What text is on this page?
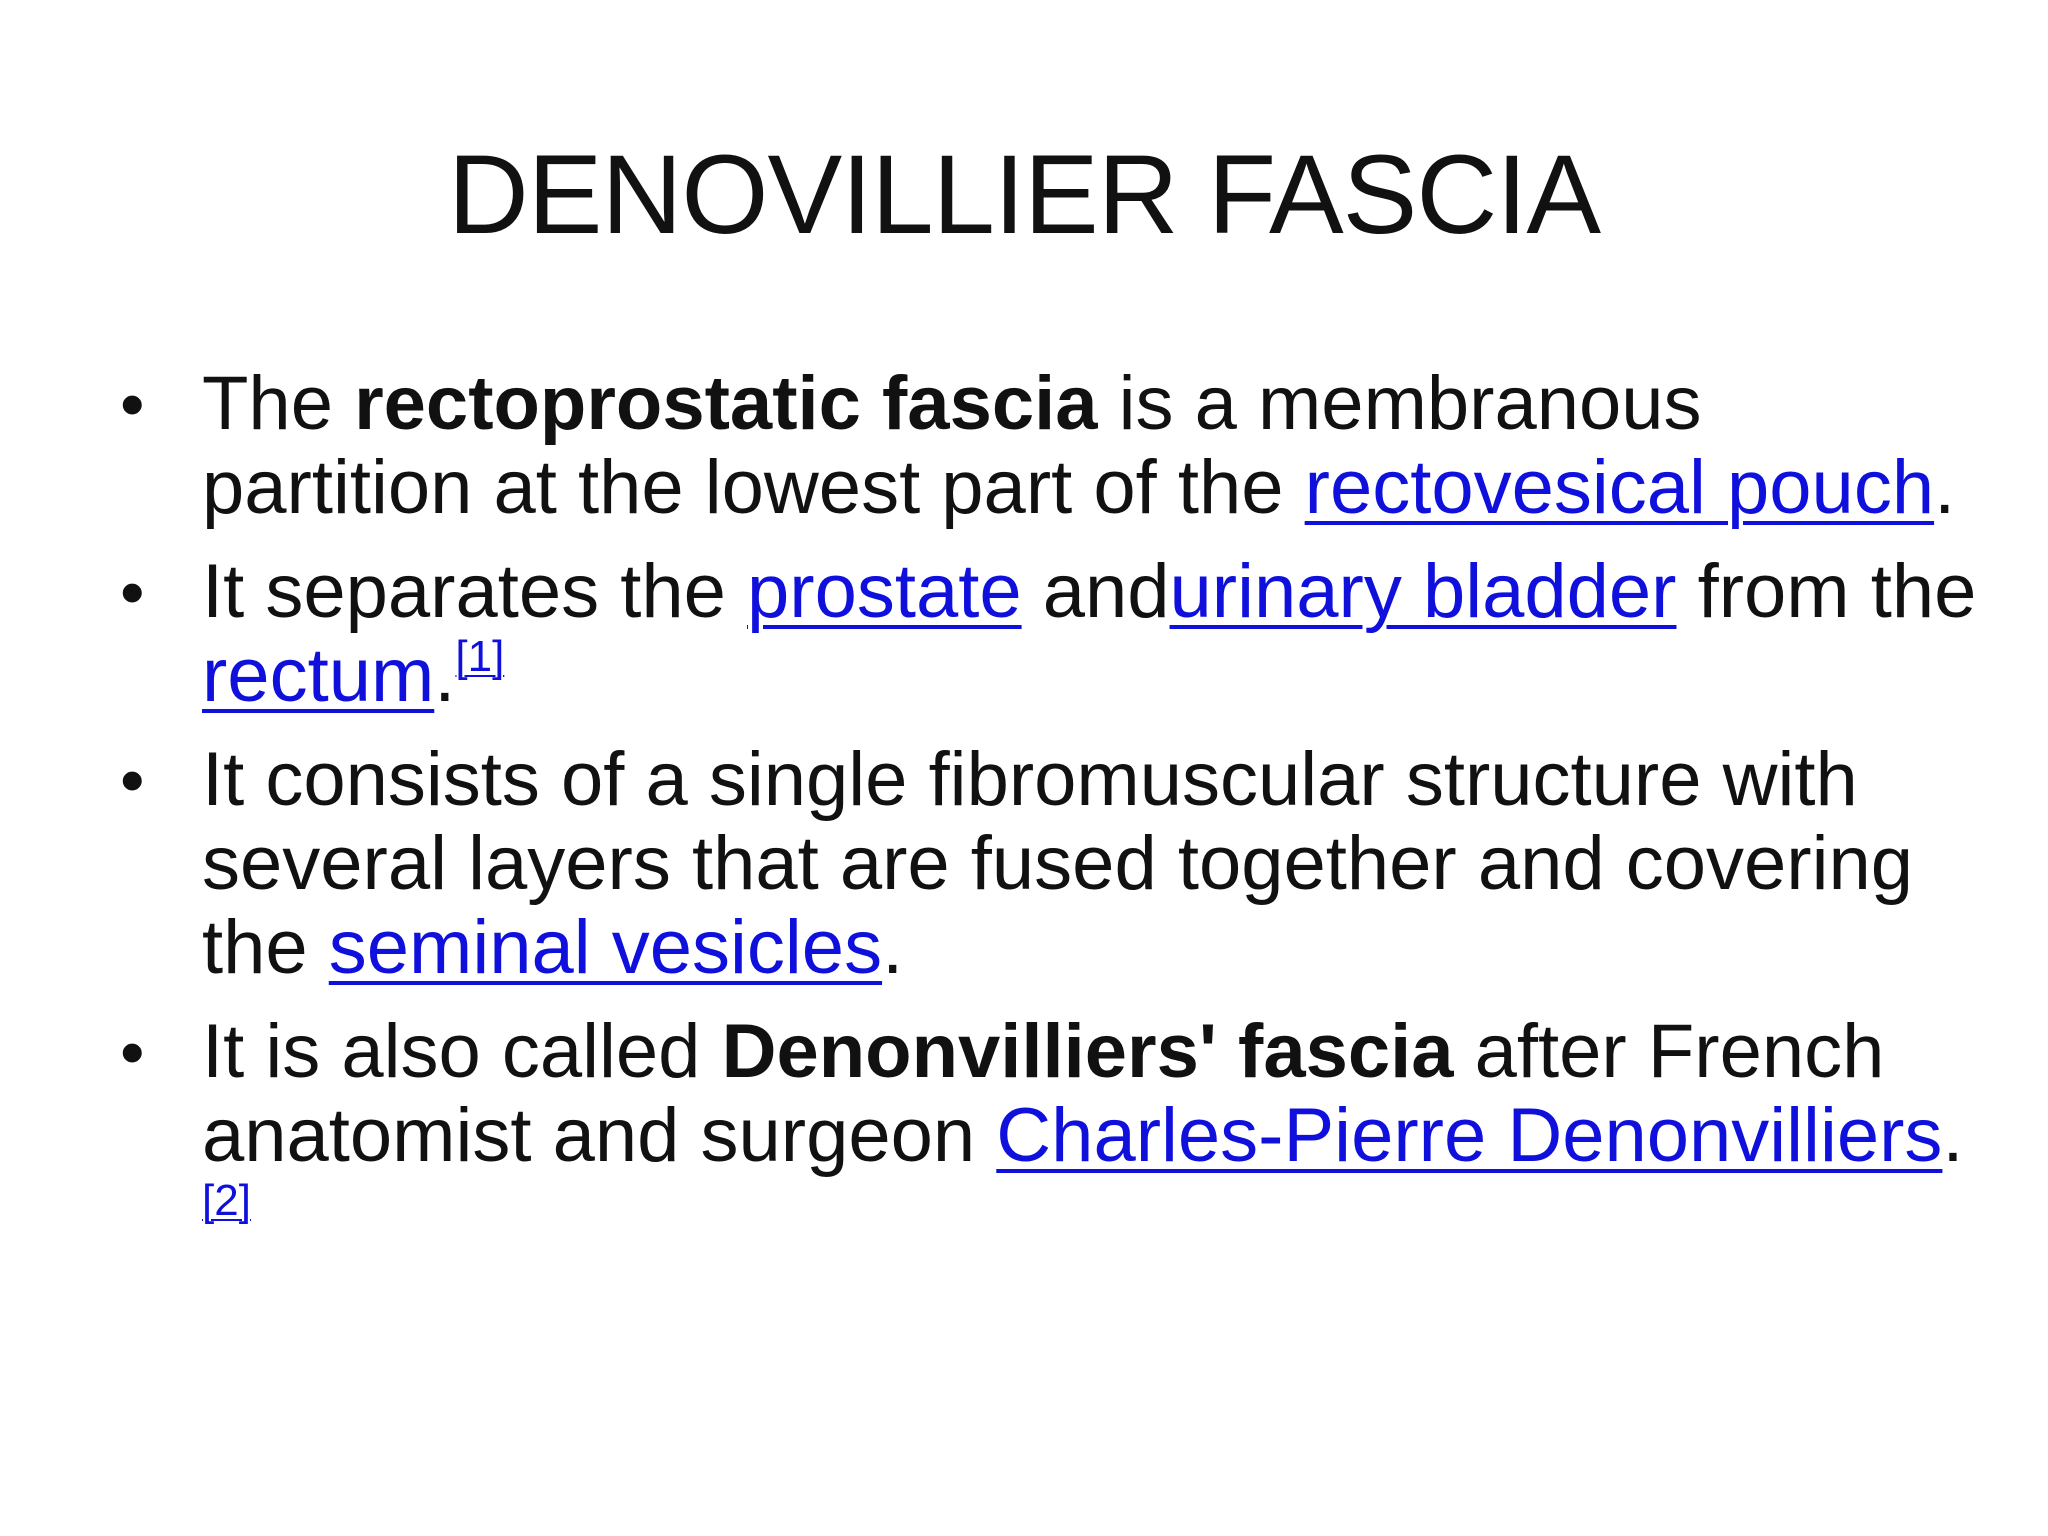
DENOVILLIER FASCIA
• The rectoprostatic fascia is a membranous partition at the lowest part of the rectovesical pouch.
• It separates the prostate andurinary bladder from the rectum.[1]
• It consists of a single fibromuscular structure with several layers that are fused together and covering the seminal vesicles.
• It is also called Denonvilliers' fascia after French anatomist and surgeon Charles-Pierre Denonvilliers.[2]
